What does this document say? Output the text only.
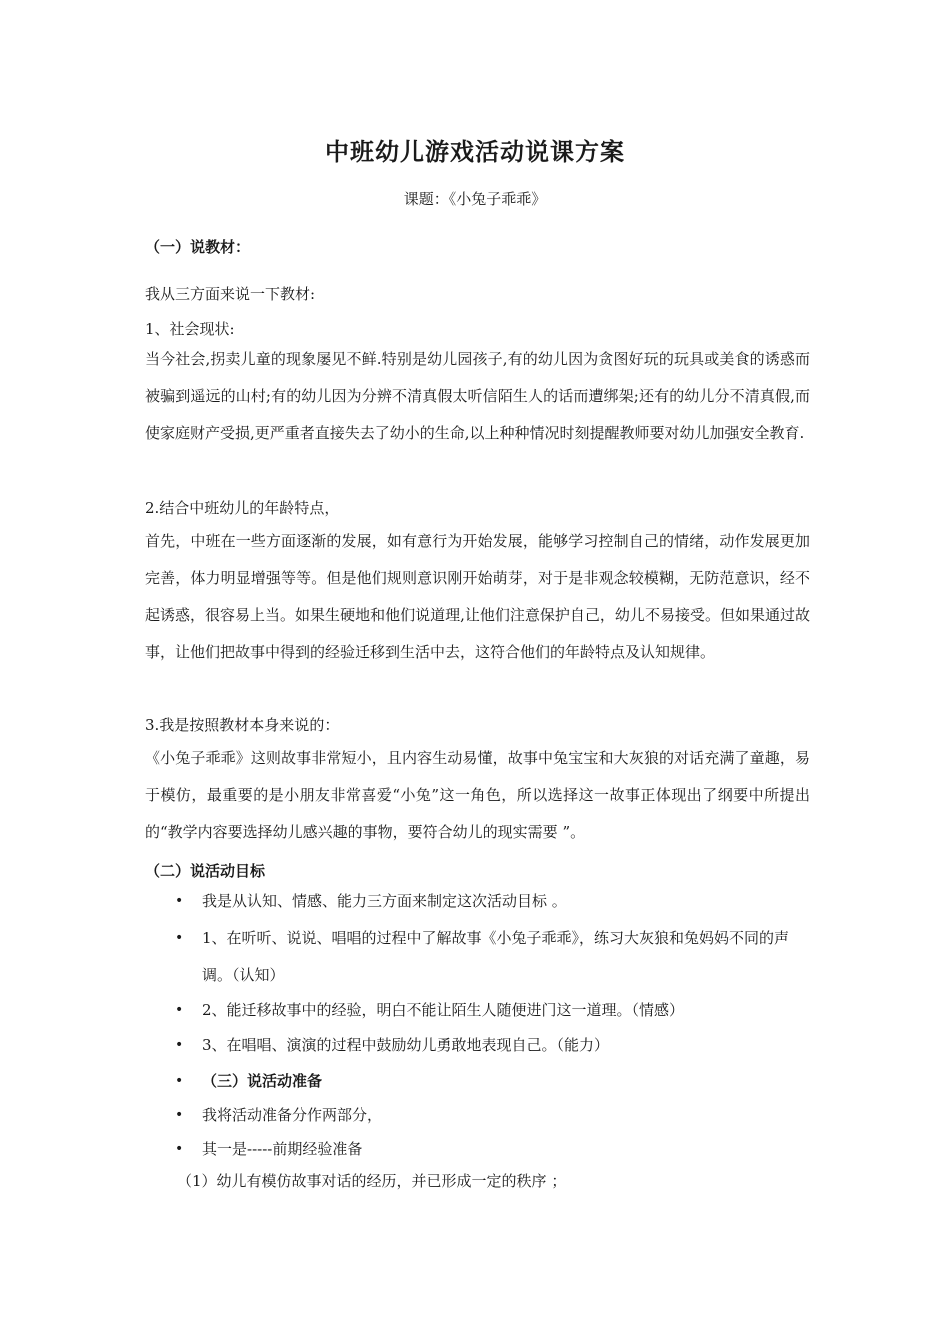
中班幼儿游戏活动说课方案
课题：《小兔子乖乖》
（一）说教材：
我从三方面来说一下教材:
1、社会现状:
当今社会,拐卖儿童的现象屡见不鲜.特别是幼儿园孩子,有的幼儿因为贪图好玩的玩具或美食的诱惑而被骗到遥远的山村;有的幼儿因为分辨不清真假太听信陌生人的话而遭绑架;还有的幼儿分不清真假,而使家庭财产受损,更严重者直接失去了幼小的生命,以上种种情况时刻提醒教师要对幼儿加强安全教育.
2.结合中班幼儿的年龄特点，
首先，中班在一些方面逐渐的发展，如有意行为开始发展，能够学习控制自己的情绪，动作发展更加完善，体力明显增强等等。但是他们规则意识刚开始萌芽，对于是非观念较模糊，无防范意识，经不起诱惑，很容易上当。如果生硬地和他们说道理,让他们注意保护自己，幼儿不易接受。但如果通过故事，让他们把故事中得到的经验迁移到生活中去，这符合他们的年龄特点及认知规律。
3.我是按照教材本身来说的：
《小兔子乖乖》这则故事非常短小，且内容生动易懂，故事中兔宝宝和大灰狼的对话充满了童趣，易于模仿，最重要的是小朋友非常喜爱“小兔”这一角色，所以选择这一故事正体现出了纲要中所提出的“教学内容要选择幼儿感兴趣的事物，要符合幼儿的现实需要 ”。
（二）说活动目标
• 我是从认知、情感、能力三方面来制定这次活动目标 。
• 1、在听听、说说、唱唱的过程中了解故事《小兔子乖乖》，练习大灰狼和兔妈妈不同的声调。（认知）
• 2、能迁移故事中的经验，明白不能让陌生人随便进门这一道理。（情感）
• 3、在唱唱、演演的过程中鼓励幼儿勇敢地表现自己。（能力）
• （三）说活动准备
• 我将活动准备分作两部分，
• 其一是-----前期经验准备
（1）幼儿有模仿故事对话的经历，并已形成一定的秩序 ；
